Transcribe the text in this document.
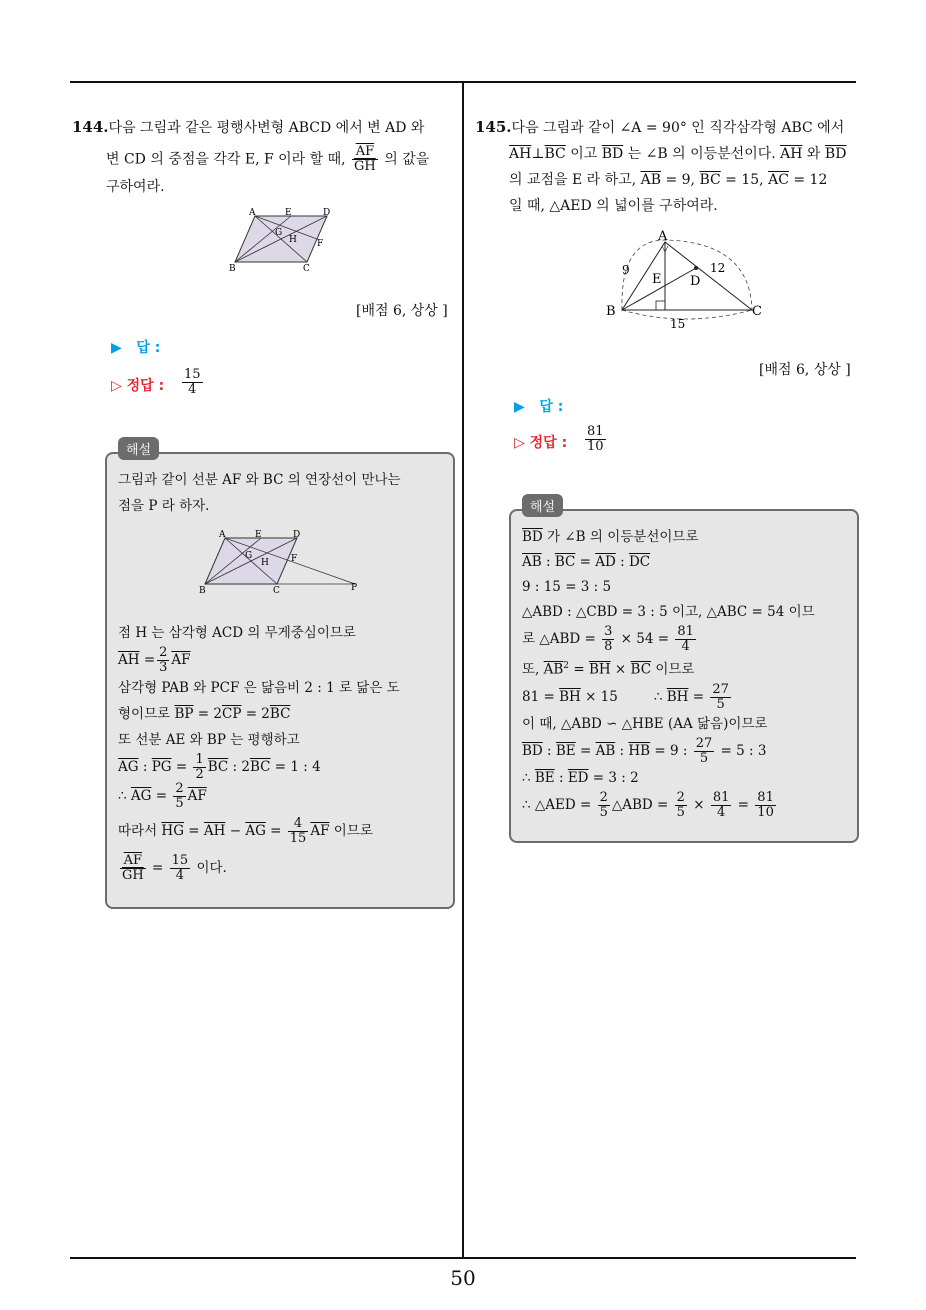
144.다음 그림과 같은 평행사변형 ABCD 에서 변 AD 와
변 CD 의 중점을 각각 E, F 이라 할 때, $\frac{\overline{AF}}{GH}$ 의 값을
구하여라.
A	E	D
G
H F
B	C
[배점 6, 상상 ]
▶ 답 :
▷ 정답 : $\frac{15}{4}$
해설
그림과 같이 선분 AF 와 BC 의 연장선이 만나는
점을 P 라 하자.
A	E	D
G
H F
B	C	P
점 H 는 삼각형 ACD 의 무게중심이므로
$\overline{AH} = \frac{2}{3} \overline{AF}$
삼각형 PAB 와 PCF 은 닮음비 2 : 1 로 닮은 도
형이므로 $\overline{BP} = 2\overline{CP} = 2\overline{BC}$
또 선분 AE 와 BP 는 평행하고
$\overline{AG}$ : $\overline{PG} = \frac{1}{2} \overline{BC}$ : $2\overline{BC} = 1$ : 4
∴ $\overline{AG} = \frac{2}{5} \overline{AF}$
따라서 $\overline{HG} = \overline{AH} - \overline{AG} = \frac{4}{15} \overline{AF}$ 이므로
$\frac{\overline{AF}}{GH} = \frac{15}{4}$ 이다.
145.다음 그림과 같이 ∠A = 90° 인 직각삼각형 ABC 에서
$\overline{AH}\perp\overline{BC}$ 이고 $\overline{BD}$ 는 ∠B 의 이등분선이다. $\overline{AH}$ 와 $\overline{BD}$
의 교점을 E 라 하고, $\overline{AB} = 9$, $\overline{BC} = 15$, $\overline{AC} = 12$
일 때, △AED 의 넓이를 구하여라.
A
B	C
D
E
9	12
15
[배점 6, 상상 ]
▶ 답 :
▷ 정답 : $\frac{81}{10}$
해설
$\overline{BD}$ 가 ∠B 의 이등분선이므로
$\overline{AB}$ : $\overline{BC} = \overline{AD}$ : $\overline{DC}$
9 : 15 = 3 : 5
△ABD : △CBD = 3 : 5 이고, △ABC = 54 이므
로 △ABD = $\frac{3}{8} \times 54 = \frac{81}{4}$
또, $\overline{AB}^2 = \overline{BH} \times \overline{BC}$ 이므로
$81 = \overline{BH} \times 15$	∴ $\overline{BH} = \frac{27}{5}$
이 때, △ABD ∽ △HBE (AA 닮음)이므로
$\overline{BD}$ : $\overline{BE} = \overline{AB}$ : $\overline{HB} = 9$ : $\frac{27}{5} = 5$ : 3
∴ $\overline{BE}$ : $\overline{ED} = 3$ : 2
∴ △AED = $\frac{2}{5}$ △ABD = $\frac{2}{5} \times \frac{81}{4} = \frac{81}{10}$
50
